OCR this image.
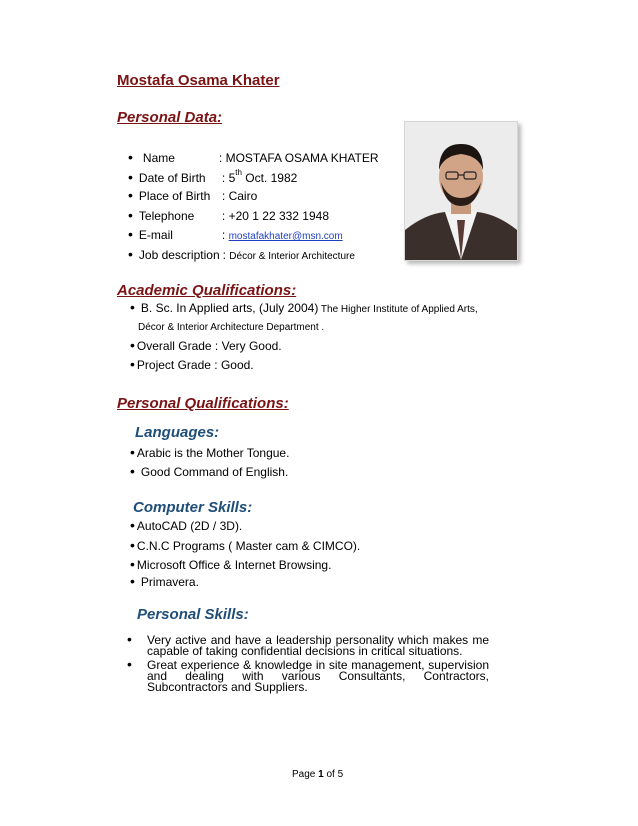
Mostafa Osama Khater
Personal Data:
• Name	: MOSTAFA OSAMA KHATER
• Date of Birth : 5th Oct. 1982
• Place of Birth : Cairo
• Telephone : +20 1 22 332 1948
• E-mail	: mostafakhater@msn.com
• Job description : Décor & Interior Architecture
Academic Qualifications:
• B. Sc. In Applied arts, (July 2004) The Higher Institute of Applied Arts,
Décor & Interior Architecture Department .
• Overall Grade : Very Good.
• Project Grade : Good.
Personal Qualifications:
Languages:
• Arabic is the Mother Tongue.
• Good Command of English.
Computer Skills:
• AutoCAD (2D / 3D).
• C.N.C Programs ( Master cam & CIMCO).
• Microsoft Office & Internet Browsing.
• Primavera.
Personal Skills:
• Very active and have a leadership personality which makes me capable of taking confidential decisions in critical situations.
• Great experience & knowledge in site management, supervision and dealing with various Consultants, Contractors, Subcontractors and Suppliers.
Page 1 of 5
